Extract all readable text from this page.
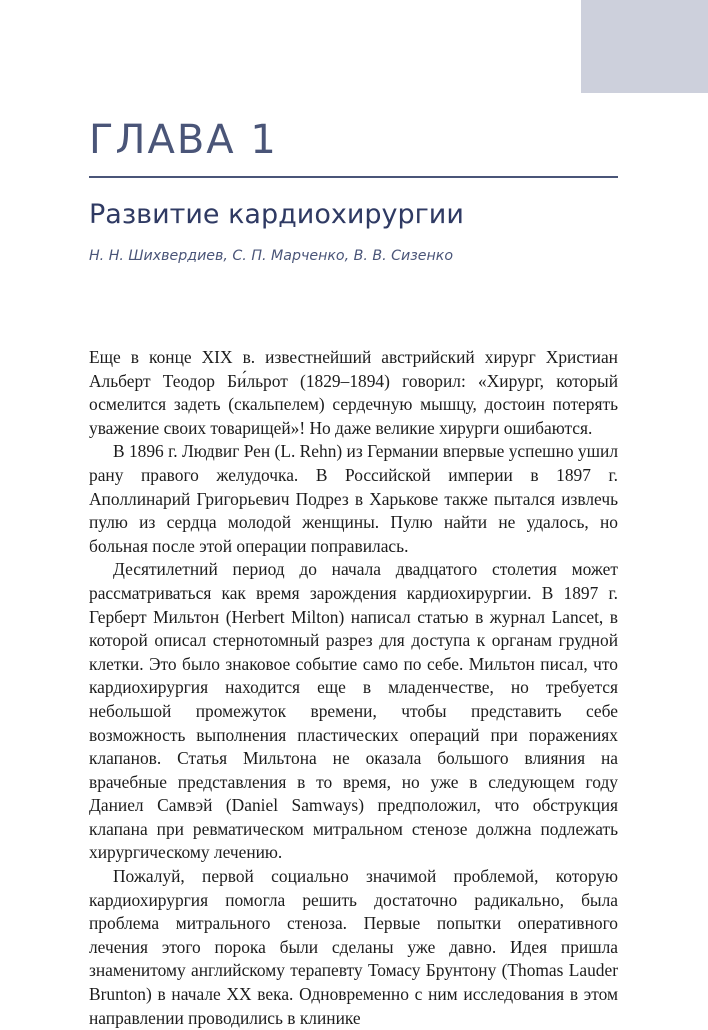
ГЛАВА 1
Развитие кардиохирургии

Н. Н. Шихвердиев, С. П. Марченко, В. В. Сизенко

Еще в конце XIX в. известнейший австрийский хирург Христиан Альберт Теодор Би́льрот (1829–1894) говорил: «Хирург, который осмелится задеть (скальпелем) сердечную мышцу, достоин потерять уважение своих товарищей»! Но даже великие хирурги ошибаются.

В 1896 г. Людвиг Рен (L. Rehn) из Германии впервые успешно ушил рану правого желудочка. В Российской империи в 1897 г. Аполлинарий Григорьевич Подрез в Харькове также пытался извлечь пулю из сердца молодой женщины. Пулю найти не удалось, но больная после этой операции поправилась.

Десятилетний период до начала двадцатого столетия может рассматриваться как время зарождения кардиохирургии. В 1897 г. Герберт Мильтон (Herbert Milton) написал статью в журнал Lancet, в которой описал стернотомный разрез для доступа к органам грудной клетки. Это было знаковое событие само по себе. Мильтон писал, что кардиохирургия находится еще в младенчестве, но требуется небольшой промежуток времени, чтобы представить себе возможность выполнения пластических операций при поражениях клапанов. Статья Мильтона не оказала большого влияния на врачебные представления в то время, но уже в следующем году Даниел Самвэй (Daniel Samways) предположил, что обструкция клапана при ревматическом митральном стенозе должна подлежать хирургическому лечению.

Пожалуй, первой социально значимой проблемой, которую кардиохирургия помогла решить достаточно радикально, была проблема митрального стеноза. Первые попытки оперативного лечения этого порока были сделаны уже давно. Идея пришла знаменитому английскому терапевту Томасу Брунтону (Thomas Lauder Brunton) в начале XX века. Одновременно с ним исследования в этом направлении проводились в клинике
